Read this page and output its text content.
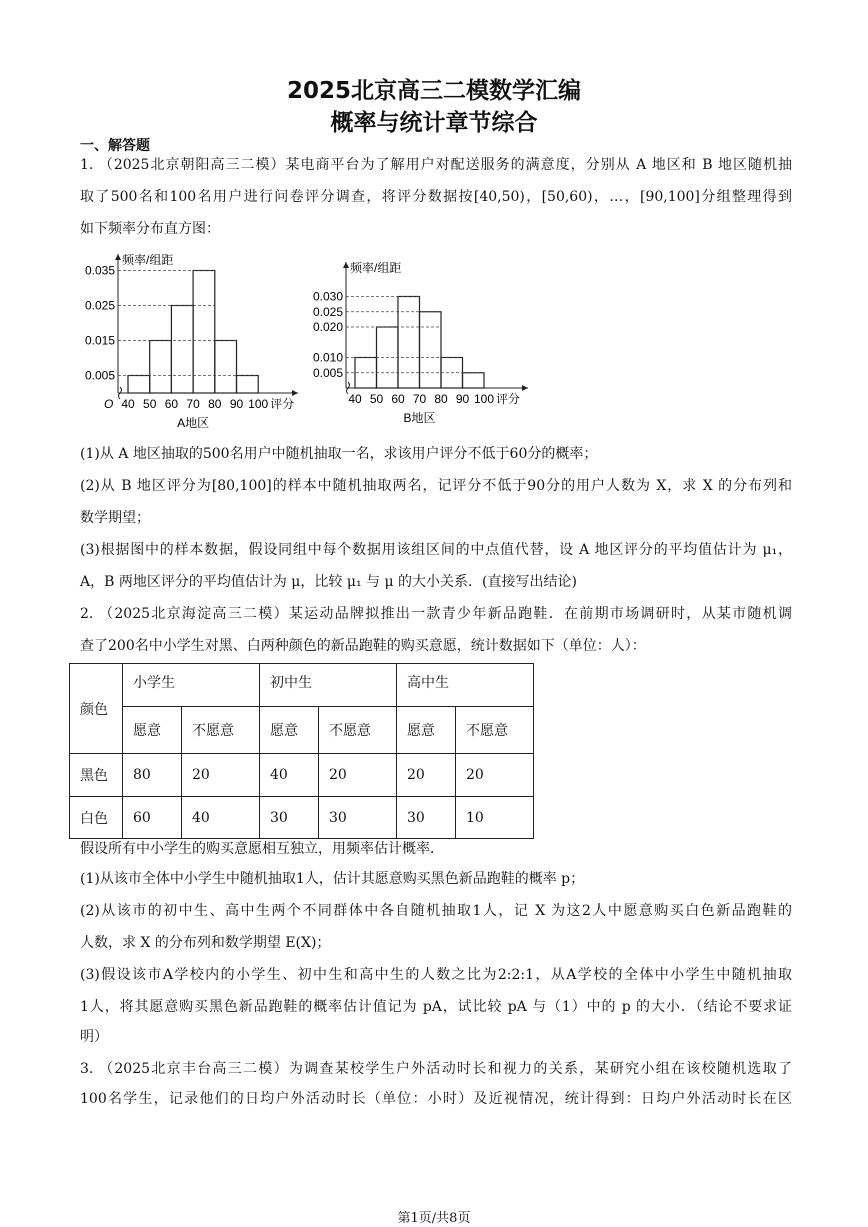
2025北京高三二模数学汇编
概率与统计章节综合
一、解答题
1. （2025北京朝阳高三二模）某电商平台为了解用户对配送服务的满意度，分别从 A 地区和 B 地区随机抽
取了500名和100名用户进行问卷评分调查，将评分数据按[40,50)，[50,60)，…，[90,100]分组整理得到
如下频率分布直方图：
0.005
0.015
0.025
0.035
40 50 60 70 80 90 100 评分
频率/组距
O
A地区
0.005
0.010
0.020
0.025
0.030
40 50 60 70 80 90 100 评分
频率/组距
B地区
(1)从 A 地区抽取的500名用户中随机抽取一名，求该用户评分不低于60分的概率；
(2)从 B 地区评分为[80,100]的样本中随机抽取两名，记评分不低于90分的用户人数为 X，求 X 的分布列和
数学期望；
(3)根据图中的样本数据，假设同组中每个数据用该组区间的中点值代替，设 A 地区评分的平均值估计为 μ₁，
A，B 两地区评分的平均值估计为 μ，比较 μ₁ 与 μ 的大小关系．(直接写出结论)
2. （2025北京海淀高三二模）某运动品牌拟推出一款青少年新品跑鞋．在前期市场调研时，从某市随机调
查了200名中小学生对黑、白两种颜色的新品跑鞋的购买意愿，统计数据如下（单位：人）：
颜色	小学生		初中生		高中生	
	愿意	不愿意	愿意	不愿意	愿意	不愿意
黑色	80	20	40	20	20	20
白色	60	40	30	30	30	10
假设所有中小学生的购买意愿相互独立，用频率估计概率．
(1)从该市全体中小学生中随机抽取1人，估计其愿意购买黑色新品跑鞋的概率 p；
(2)从该市的初中生、高中生两个不同群体中各自随机抽取1人，记 X 为这2人中愿意购买白色新品跑鞋的
人数，求 X 的分布列和数学期望 E(X)；
(3)假设该市A学校内的小学生、初中生和高中生的人数之比为2:2:1，从A学校的全体中小学生中随机抽取
1人，将其愿意购买黑色新品跑鞋的概率估计值记为 pA，试比较 pA 与（1）中的 p 的大小．（结论不要求证
明）
3. （2025北京丰台高三二模）为调查某校学生户外活动时长和视力的关系，某研究小组在该校随机选取了
100名学生，记录他们的日均户外活动时长（单位：小时）及近视情况，统计得到：日均户外活动时长在区
第1页/共8页
